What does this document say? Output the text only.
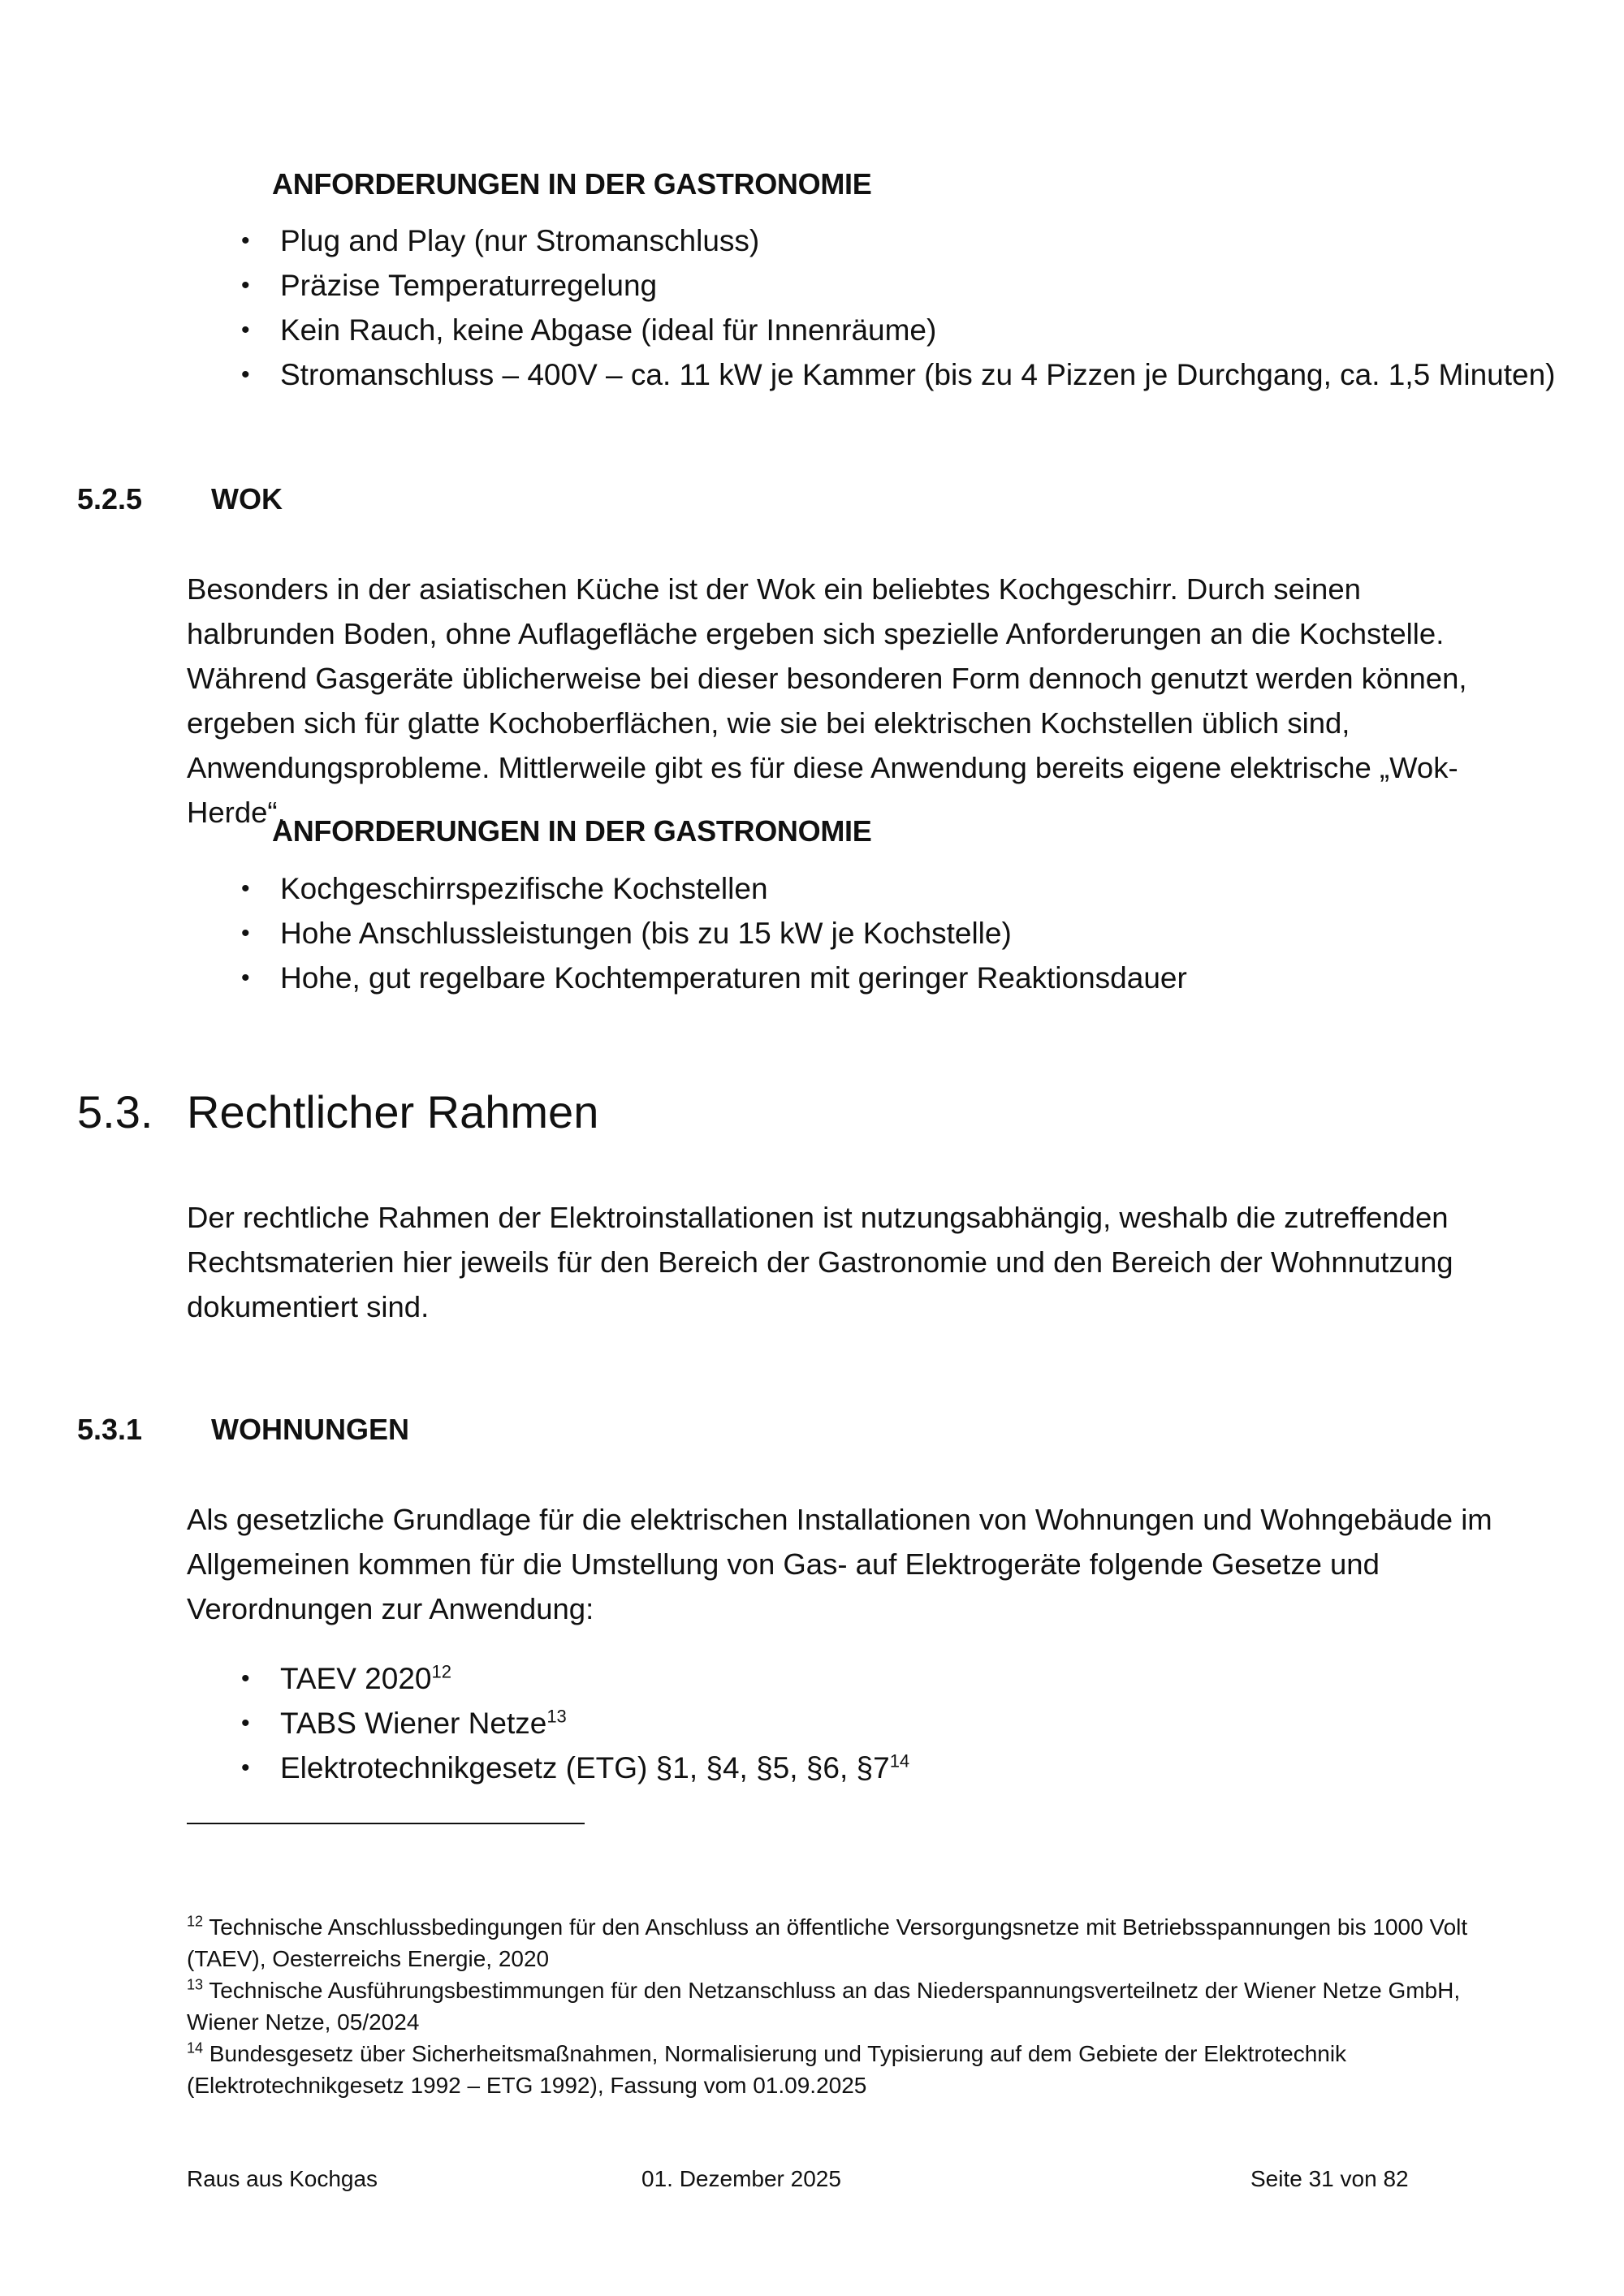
ANFORDERUNGEN IN DER GASTRONOMIE
• Plug and Play (nur Stromanschluss)
• Präzise Temperaturregelung
• Kein Rauch, keine Abgase (ideal für Innenräume)
• Stromanschluss – 400V – ca. 11 kW je Kammer (bis zu 4 Pizzen je Durchgang, ca. 1,5 Minuten)
5.2.5 WOK

Besonders in der asiatischen Küche ist der Wok ein beliebtes Kochgeschirr. Durch seinen halbrunden Boden, ohne Auflagefläche ergeben sich spezielle Anforderungen an die Kochstelle. Während Gasgeräte üblicherweise bei dieser besonderen Form dennoch genutzt werden können, ergeben sich für glatte Kochoberflächen, wie sie bei elektrischen Kochstellen üblich sind, Anwendungsprobleme. Mittlerweile gibt es für diese Anwendung bereits eigene elektrische „Wok-Herde“.

ANFORDERUNGEN IN DER GASTRONOMIE
• Kochgeschirrspezifische Kochstellen
• Hohe Anschlussleistungen (bis zu 15 kW je Kochstelle)
• Hohe, gut regelbare Kochtemperaturen mit geringer Reaktionsdauer
5.3. Rechtlicher Rahmen

Der rechtliche Rahmen der Elektroinstallationen ist nutzungsabhängig, weshalb die zutreffenden Rechtsmaterien hier jeweils für den Bereich der Gastronomie und den Bereich der Wohnnutzung dokumentiert sind.

5.3.1 WOHNUNGEN

Als gesetzliche Grundlage für die elektrischen Installationen von Wohnungen und Wohngebäude im Allgemeinen kommen für die Umstellung von Gas- auf Elektrogeräte folgende Gesetze und Verordnungen zur Anwendung:

• TAEV 2020$^{12}$
• TABS Wiener Netze$^{13}$
• Elektrotechnikgesetz (ETG) §1, §4, §5, §6, $\S 7^{14}$

$^{12}$ Technische Anschlussbedingungen für den Anschluss an öffentliche Versorgungsnetze mit Betriebsspannungen bis 1000 Volt (TAEV), Oesterreichs Energie, 2020

$^{13}$ Technische Ausführungsbestimmungen für den Netzanschluss an das Niederspannungsverteilnetz der Wiener Netze GmbH, Wiener Netze, 05/2024

$^{14}$ Bundesgesetz über Sicherheitsmaßnahmen, Normalisierung und Typisierung auf dem Gebiete der Elektrotechnik (Elektrotechnikgesetz 1992 – ETG 1992), Fassung vom 01.09.2025

Raus aus Kochgas	01. Dezember 2025	Seite 31 von 82
